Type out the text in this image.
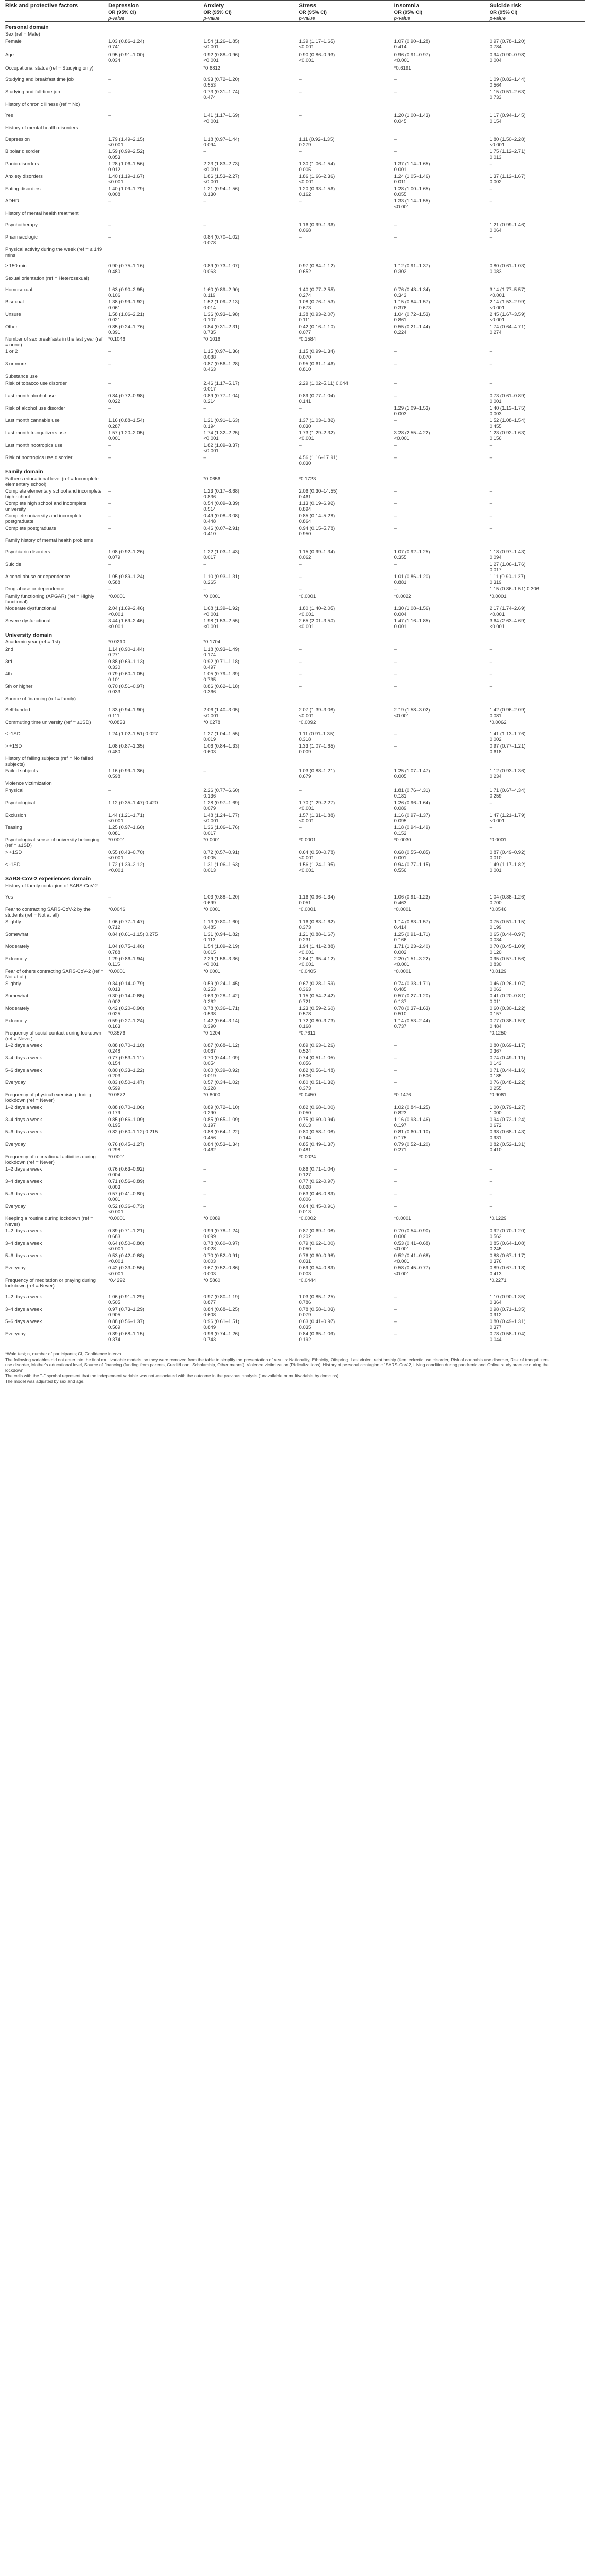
Risk and protective factors	Depression
OR (95% CI)
p-value	Anxiety
OR (95% CI)
p-value	Stress
OR (95% CI)
p-value	Insomnia
OR (95% CI)
p-value	Suicide risk
OR (95% CI)
p-value

Personal domain					
Sex (ref = Male)					
Female	1.03 (0.86–1.24)
0.741	1.54 (1.26–1.85)
<0.001	1.39 (1.17–1.65)
<0.001	1.07 (0.90–1.28)
0.414	0.97 (0.78–1.20)
0.784

Age	0.95 (0.91–1.00)
0.034	0.92 (0.88–0.96)
<0.001	0.90 (0.86–0.93)
<0.001	0.96 (0.91–0.97)
<0.001	0.94 (0.90–0.98)
0.004

Occupational status (ref = Studying only)		*0.6812		*0.6191	

Studying and breakfast time job	–	0.93 (0.72–1.20)
0.553	–	–	1.09 (0.82–1.44)
0.564

Studying and full-time job	–	0.73 (0.31–1.74)
0.474	–	–	1.15 (0.51–2.63)
0.733

History of chronic illness (ref = No)					
Yes	–	1.41 (1.17–1.69)
<0.001	–	1.20 (1.00–1.43)
0.045	1.17 (0.94–1.45)
0.154

History of mental health disorders					
Depression	1.79 (1.49–2.15)
<0.001	1.18 (0.97–1.44)
0.094	1.11 (0.92–1.35)
0.279	–	1.80 (1.50–2.28)
<0.001

Bipolar disorder	1.59 (0.99–2.52)
0.053	–	–	–	1.75 (1.12–2.71)
0.013

Panic disorders	1.28 (1.06–1.56)
0.012	2.23 (1.83–2.73)
<0.001	1.30 (1.06–1.54)
0.005	1.37 (1.14–1.65)
0.001	–

Anxiety disorders	1.40 (1.19–1.67)
<0.001	1.86 (1.53–2.27)
<0.001	1.86 (1.66–2.36)
<0.001	1.24 (1.05–1.46)
0.011	1.37 (1.12–1.67)
0.002

Eating disorders	1.40 (1.09–1.79)
0.008	1.21 (0.94–1.56)
0.130	1.20 (0.93–1.56)
0.162	1.28 (1.00–1.65)
0.055	–

ADHD	–	–	–	1.33 (1.14–1.55)
<0.001	–

History of mental health treatment					
Psychotherapy	–	–	1.16 (0.99–1.36)
0.068	–	1.21 (0.99–1.46)
0.064

Pharmacologic	–	0.84 (0.70–1.02)
0.078	–	–	–

Physical activity during the week (ref = ≤ 149 mins					
≥ 150 min	0.90 (0.75–1.16)
0.480	0.89 (0.73–1.07)
0.063	0.97 (0.84–1.12)
0.652	1.12 (0.91–1.37)
0.302	0.80 (0.61–1.03)
0.083

Sexual orientation (ref = Heterosexual)					
Homosexual	1.63 (0.90–2.95)
0.106	1.60 (0.89–2.90)
0.119	1.40 (0.77–2.55)
0.274	0.76 (0.43–1.34)
0.343	3.14 (1.77–5.57)
<0.001

Bisexual	1.38 (0.99–1.92)
0.061	1.52 (1.09–2.13)
0.014	1.08 (0.76–1.53)
0.673	1.15 (0.84–1.57)
0.376	2.14 (1.53–2.99)
<0.001

Unsure	1.58 (1.06–2.21)
0.021	1.36 (0.93–1.98)
0.107	1.38 (0.93–2.07)
0.111	1.04 (0.72–1.53)
0.861	2.45 (1.67–3.59)
<0.001

Other	0.85 (0.24–1.76)
0.391	0.84 (0.31–2.31)
0.735	0.42 (0.16–1.10)
0.077	0.55 (0.21–1.44)
0.224	1.74 (0.64–4.71)
0.274

Number of sex breakfasts in the last year (ref = none)	*0.1046	*0.1016	*0.1584		

1 or 2	–	1.15 (0.97–1.36)
0.088	1.15 (0.99–1.34)
0.070	–	–

3 or more	–	0.87 (0.56–1.28)
0.463	0.95 (0.61–1.46)
0.810	–	–

Substance use					
Risk of tobacco use disorder	–	2.46 (1.17–5.17)
0.017	2.29 (1.02–5.11) 0.044	–	–

Last month alcohol use	0.84 (0.72–0.98)
0.022	0.89 (0.77–1.04)
0.214	0.89 (0.77–1.04)
0.141	–	0.73 (0.61–0.89)
0.001

Risk of alcohol use disorder	–	–	–	1.29 (1.09–1.53)
0.003	1.40 (1.13–1.75)
0.003

Last month cannabis use	1.16 (0.88–1.54)
0.287	1.21 (0.91–1.63)
0.194	1.37 (1.03–1.82)
0.030	–	1.52 (1.08–1.54)
0.455

Last month tranquilizers use	1.57 (1.20–2.05)
0.001	1.74 (1.32–2.25)
<0.001	1.73 (1.29–2.32)
<0.001	3.28 (2.55–4.22)
<0.001	1.23 (0.92–1.63)
0.156

Last month nootropics use	–	1.82 (1.09–3.37)
<0.001	–	–	–

Risk of nootropics use disorder	–	–	4.56 (1.16–17.91)
0.030	–	–

Family domain					
Father's educational level (ref = Incomplete elementary school)		*0.0656	*0.1723		

Complete elementary school and incomplete high school	–	1.23 (0.17–8.68)
0.836	2.06 (0.30–14.55)
0.461	–	–

Complete high school and incomplete university	–	0.54 (0.09–3.39)
0.514	1.13 (0.19–6.92)
0.894	–	–

Complete university and incomplete postgraduate	–	0.49 (0.08–3.08)
0.448	0.85 (0.14–5.28)
0.864	–	–

Complete postgraduate	–	0.46 (0.07–2.91)
0.410	0.94 (0.15–5.78)
0.950	–	–

Family history of mental health problems					
Psychiatric disorders	1.08 (0.92–1.26)
0.079	1.22 (1.03–1.43)
0.017	1.15 (0.99–1.34)
0.062	1.07 (0.92–1.25)
0.355	1.18 (0.97–1.43)
0.094

Suicide	–	–	–	–	1.27 (1.06–1.76)
0.017

Alcohol abuse or dependence	1.05 (0.89–1.24)
0.588	1.10 (0.93–1.31)
0.265	–	1.01 (0.86–1.20)
0.881	1.11 (0.90–1.37)
0.319

Drug abuse or dependence	–	–	–	–	1.15 (0.86–1.51) 0.306

Family functioning (APGAR) (ref = Highly functional)	*0.0001	*0.0001	*0.0001	*0.0022	*0.0001

Moderate dysfunctional	2.04 (1.69–2.46)
<0.001	1.68 (1.39–1.92)
<0.001	1.80 (1.40–2.05)
<0.001	1.30 (1.08–1.56)
0.004	2.17 (1.74–2.69)
<0.001

Severe dysfunctional	3.44 (1.69–2.46)
<0.001	1.98 (1.53–2.55)
<0.001	2.65 (2.01–3.50)
<0.001	1.47 (1.16–1.85)
0.001	3.64 (2.63–4.69)
<0.001

University domain					
Academic year (ref = 1st)	*0.0210	*0.1704			

2nd	1.14 (0.90–1.44)
0.271	1.18 (0.93–1.49)
0.174	–	–	–

3rd	0.88 (0.69–1.13)
0.330	0.92 (0.71–1.18)
0.497	–	–	–

4th	0.79 (0.60–1.05)
0.101	1.05 (0.79–1.39)
0.735	–	–	–

5th or higher	0.70 (0.51–0.97)
0.033	0.86 (0.62–1.18)
0.366	–	–	–

Source of financing (ref = family)					
Self-funded	1.33 (0.94–1.90)
0.111	2.06 (1.40–3.05)
<0.001	2.07 (1.39–3.08)
<0.001	2.19 (1.58–3.02)
<0.001	1.42 (0.96–2.09)
0.081

Commuting time university (ref = ±1SD)	*0.0833	*0.0278	*0.0092		*0.0062

≤ -1SD	1.24 (1.02–1.51) 0.027	1.27 (1.04–1.55)
0.019	1.11 (0.91–1.35)
0.318	–	1.41 (1.13–1.76)
0.002

> +1SD	1.08 (0.87–1.35)
0.480	1.06 (0.84–1.33)
0.603	1.33 (1.07–1.65)
0.009	–	0.97 (0.77–1.21)
0.618

History of failing subjects (ref = No failed subjects)					
Failed subjects	1.16 (0.99–1.36)
0.598	–	1.03 (0.88–1.21)
0.679	1.25 (1.07–1.47)
0.005	1.12 (0.93–1.36)
0.234

Violence victimization					
Physical	–	2.26 (0.77–6.60)
0.136	–	1.81 (0.76–4.31)
0.181	1.71 (0.67–4.34)
0.259

Psychological	1.12 (0.35–1.47) 0.420	1.28 (0.97–1.69)
0.079	1.70 (1.29–2.27)
<0.001	1.26 (0.96–1.64)
0.089	–

Exclusion	1.44 (1.21–1.71)
<0.001	1.48 (1.24–1.77)
<0.001	1.57 (1.31–1.88)
<0.001	1.16 (0.97–1.37)
0.095	1.47 (1.21–1.79)
<0.001

Teasing	1.25 (0.97–1.60)
0.081	1.36 (1.06–1.76)
0.017	–	1.18 (0.94–1.49)
0.152	–

Psychological sense of university belonging (ref = ±1SD)	*0.0001	*0.0001	*0.0001	*0.0030	*0.0001

> +1SD	0.55 (0.43–0.70)
<0.001	0.72 (0.57–0.91)
0.005	0.64 (0.50–0.78)
<0.001	0.68 (0.55–0.85)
0.001	0.87 (0.49–0.92)
0.010

≤ -1SD	1.72 (1.39–2.12)
<0.001	1.31 (1.06–1.63)
0.013	1.56 (1.24–1.95)
<0.001	0.94 (0.77–1.15)
0.556	1.49 (1.17–1.82)
0.001

SARS-CoV-2 experiences domain					
History of family contagion of SARS-CoV-2					
Yes	–	1.03 (0.88–1.20)
0.699	1.16 (0.96–1.34)
0.051	1.06 (0.91–1.23)
0.463	1.04 (0.88–1.26)
0.700

Fear to contracting SARS-CoV-2 by the students (ref = Not at all)	*0.0046	*0.0001	*0.0001	*0.0001	*0.0546

Slightly	1.06 (0.77–1.47)
0.712	1.13 (0.80–1.60)
0.485	1.16 (0.83–1.62)
0.373	1.14 (0.83–1.57)
0.414	0.75 (0.51–1.15)
0.199

Somewhat	0.84 (0.61–1.15) 0.275	1.31 (0.94–1.82)
0.113	1.21 (0.88–1.67)
0.231	1.25 (0.91–1.71)
0.166	0.65 (0.44–0.97)
0.034

Moderately	1.04 (0.75–1.46)
0.788	1.54 (1.09–2.19)
0.015	1.94 (1.41–2.88)
<0.001	1.71 (1.23–2.40)
0.002	0.70 (0.45–1.09)
0.120

Extremely	1.29 (0.86–1.94)
0.115	2.29 (1.56–3.36)
<0.001	2.84 (1.95–4.12)
<0.001	2.20 (1.51–3.22)
<0.001	0.95 (0.57–1.56)
0.830

Fear of others contracting SARS-CoV-2 (ref = Not at all)	*0.0001	*0.0001	*0.0405	*0.0001	*0.0129

Slightly	0.34 (0.14–0.79)
0.013	0.59 (0.24–1.45)
0.253	0.67 (0.28–1.59)
0.363	0.74 (0.33–1.71)
0.485	0.46 (0.26–1.07)
0.063

Somewhat	0.30 (0.14–0.65)
0.002	0.63 (0.28–1.42)
0.262	1.15 (0.54–2.42)
0.721	0.57 (0.27–1.20)
0.137	0.41 (0.20–0.81)
0.011

Moderately	0.42 (0.20–0.90)
0.025	0.78 (0.36–1.71)
0.538	1.23 (0.59–2.60)
0.578	0.78 (0.37–1.63)
0.510	0.60 (0.30–1.22)
0.157

Extremely	0.59 (0.27–1.24)
0.163	1.42 (0.64–3.14)
0.390	1.72 (0.80–3.73)
0.168	1.14 (0.53–2.44)
0.737	0.77 (0.38–1.59)
0.484

Frequency of social contact during lockdown (ref = Never)	*0.3576	*0.1204	*0.7611		*0.1250

1–2 days a week	0.88 (0.70–1.10)
0.248	0.87 (0.68–1.12)
0.067	0.89 (0.63–1.26)
0.524	–	0.80 (0.69–1.17)
0.367

3–4 days a week	0.77 (0.53–1.11)
0.154	0.70 (0.44–1.09)
0.054	0.74 (0.51–1.05)
0.056	–	0.74 (0.49–1.11)
0.143

5–6 days a week	0.80 (0.33–1.22)
0.203	0.60 (0.39–0.92)
0.019	0.82 (0.56–1.48)
0.506	–	0.71 (0.44–1.16)
0.185

Everyday	0.83 (0.50–1.47)
0.599	0.57 (0.34–1.02)
0.228	0.80 (0.51–1.32)
0.373	–	0.76 (0.48–1.22)
0.255

Frequency of physical exercising during lockdown (ref = Never)	*0.0872	*0.8000	*0.0450	*0.1476	*0.9061

1–2 days a week	0.88 (0.70–1.06)
0.179	0.89 (0.72–1.10)
0.290	0.82 (0.68–1.00)
0.050	1.02 (0.84–1.25)
0.823	1.00 (0.79–1.27)
1.000

3–4 days a week	0.85 (0.66–1.09)
0.195	0.85 (0.65–1.09)
0.197	0.75 (0.60–0.94)
0.013	1.16 (0.93–1.46)
0.197	0.94 (0.72–1.24)
0.672

5–6 days a week	0.82 (0.60–1.12) 0.215	0.88 (0.64–1.22)
0.456	0.80 (0.58–1.08)
0.144	0.81 (0.60–1.10)
0.175	0.98 (0.68–1.43)
0.931

Everyday	0.76 (0.45–1.27)
0.298	0.84 (0.53–1.34)
0.462	0.85 (0.49–1.37)
0.481	0.79 (0.52–1.20)
0.271	0.82 (0.52–1.31)
0.410

Frequency of recreational activities during lockdown (ref = Never)	*0.0001		*0.0024		

1–2 days a week	0.76 (0.63–0.92)
0.004	–	0.86 (0.71–1.04)
0.127	–	–

3–4 days a week	0.71 (0.56–0.89)
0.003	–	0.77 (0.62–0.97)
0.028	–	–

5–6 days a week	0.57 (0.41–0.80)
0.001	–	0.63 (0.46–0.89)
0.006	–	–

Everyday	0.52 (0.36–0.73)
<0.001	–	0.64 (0.45–0.91)
0.013	–	–

Keeping a routine during lockdown (ref = Never)	*0.0001	*0.0089	*0.0002	*0.0001	*0.1229

1–2 days a week	0.89 (0.71–1.21)
0.683	0.99 (0.78–1.24)
0.099	0.87 (0.69–1.08)
0.202	0.70 (0.54–0.90)
0.006	0.92 (0.70–1.20)
0.562

3–4 days a week	0.64 (0.50–0.80)
<0.001	0.78 (0.60–0.97)
0.028	0.79 (0.62–1.00)
0.050	0.53 (0.41–0.68)
<0.001	0.85 (0.64–1.08)
0.245

5–6 days a week	0.53 (0.42–0.68)
<0.001	0.70 (0.52–0.91)
0.003	0.76 (0.60–0.98)
0.031	0.52 (0.41–0.68)
<0.001	0.88 (0.67–1.17)
0.376

Everyday	0.42 (0.33–0.55)
<0.001	0.67 (0.52–0.86)
0.003	0.69 (0.54–0.89)
0.003	0.58 (0.45–0.77)
<0.001	0.89 (0.67–1.18)
0.413

Frequency of meditation or praying during lockdown (ref = Never)	*0.4292	*0.5860	*0.0444		*0.2271

1–2 days a week	1.06 (0.91–1.29)
0.505	0.97 (0.80–1.19)
0.877	1.03 (0.85–1.25)
0.786	–	1.10 (0.90–1.35)
0.364

3–4 days a week	0.97 (0.73–1.29)
0.905	0.84 (0.68–1.25)
0.608	0.78 (0.58–1.03)
0.079	–	0.98 (0.71–1.35)
0.912

5–6 days a week	0.88 (0.56–1.37)
0.569	0.96 (0.61–1.51)
0.849	0.63 (0.41–0.97)
0.035	–	0.80 (0.49–1.31)
0.377

Everyday	0.89 (0.68–1.15)
0.374	0.96 (0.74–1.26)
0.743	0.84 (0.65–1.09)
0.192	–	0.78 (0.58–1.04)
0.044
*Wald test; n, number of participants; CI, Confidence interval.
The following variables did not enter into the final multivariable models, so they were removed from the table to simplify the presentation of results: Nationality, Ethnicity, Offspring, Last violent relationship (fem. eclectic use disorder, Risk of cannabis use disorder, Risk of tranquilizers use disorder, Mother's educational level, Source of financing (funding from parents, Credit/Loan, Scholarship, Other means), Violence victimization (Ridiculizations), History of personal contagion of SARS-CoV-2, Living condition during pandemic and Online study practice during the lockdown.
The cells with the "–" symbol represent that the independent variable was not associated with the outcome in the previous analysis (unavailable or multivariable by domains).
The model was adjusted by sex and age.
